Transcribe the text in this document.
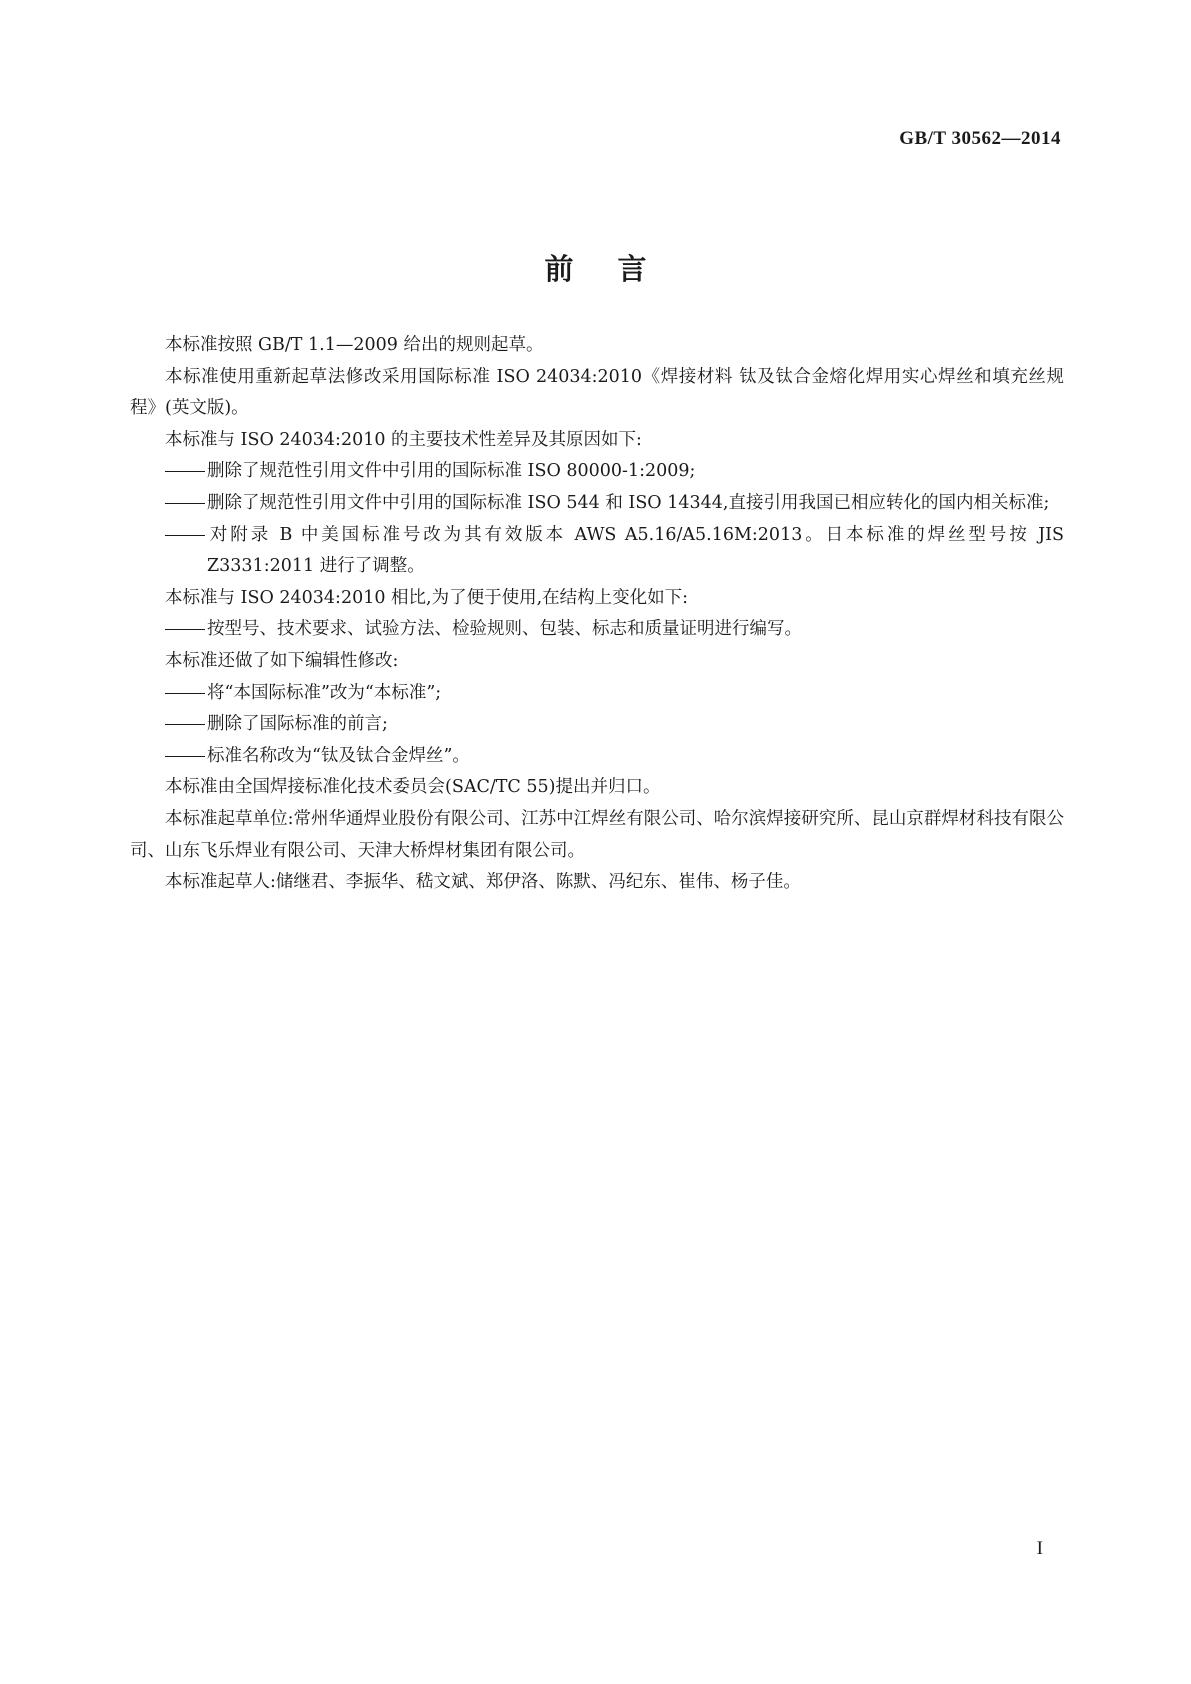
GB/T 30562—2014
前言

本标准按照 GB/T 1.1—2009 给出的规则起草。

本标准使用重新起草法修改采用国际标准 ISO 24034:2010《焊接材料 钛及钛合金熔化焊用实心焊丝和填充丝规程》(英文版)。

本标准与 ISO 24034:2010 的主要技术性差异及其原因如下:

删除了规范性引用文件中引用的国际标准 ISO 80000-1:2009;

删除了规范性引用文件中引用的国际标准 ISO 544 和 ISO 14344,直接引用我国已相应转化的国内相关标准;

对附录 B 中美国标准号改为其有效版本 AWS A5.16/A5.16M:2013。日本标准的焊丝型号按 JIS Z3331:2011 进行了调整。

本标准与 ISO 24034:2010 相比,为了便于使用,在结构上变化如下:

按型号、技术要求、试验方法、检验规则、包装、标志和质量证明进行编写。

本标准还做了如下编辑性修改:

将“本国际标准”改为“本标准”;

删除了国际标准的前言;

标准名称改为“钛及钛合金焊丝”。

本标准由全国焊接标准化技术委员会(SAC/TC 55)提出并归口。

本标准起草单位:常州华通焊业股份有限公司、江苏中江焊丝有限公司、哈尔滨焊接研究所、昆山京群焊材科技有限公司、山东飞乐焊业有限公司、天津大桥焊材集团有限公司。

本标准起草人:储继君、李振华、嵇文斌、郑伊洛、陈默、冯纪东、崔伟、杨子佳。

I
